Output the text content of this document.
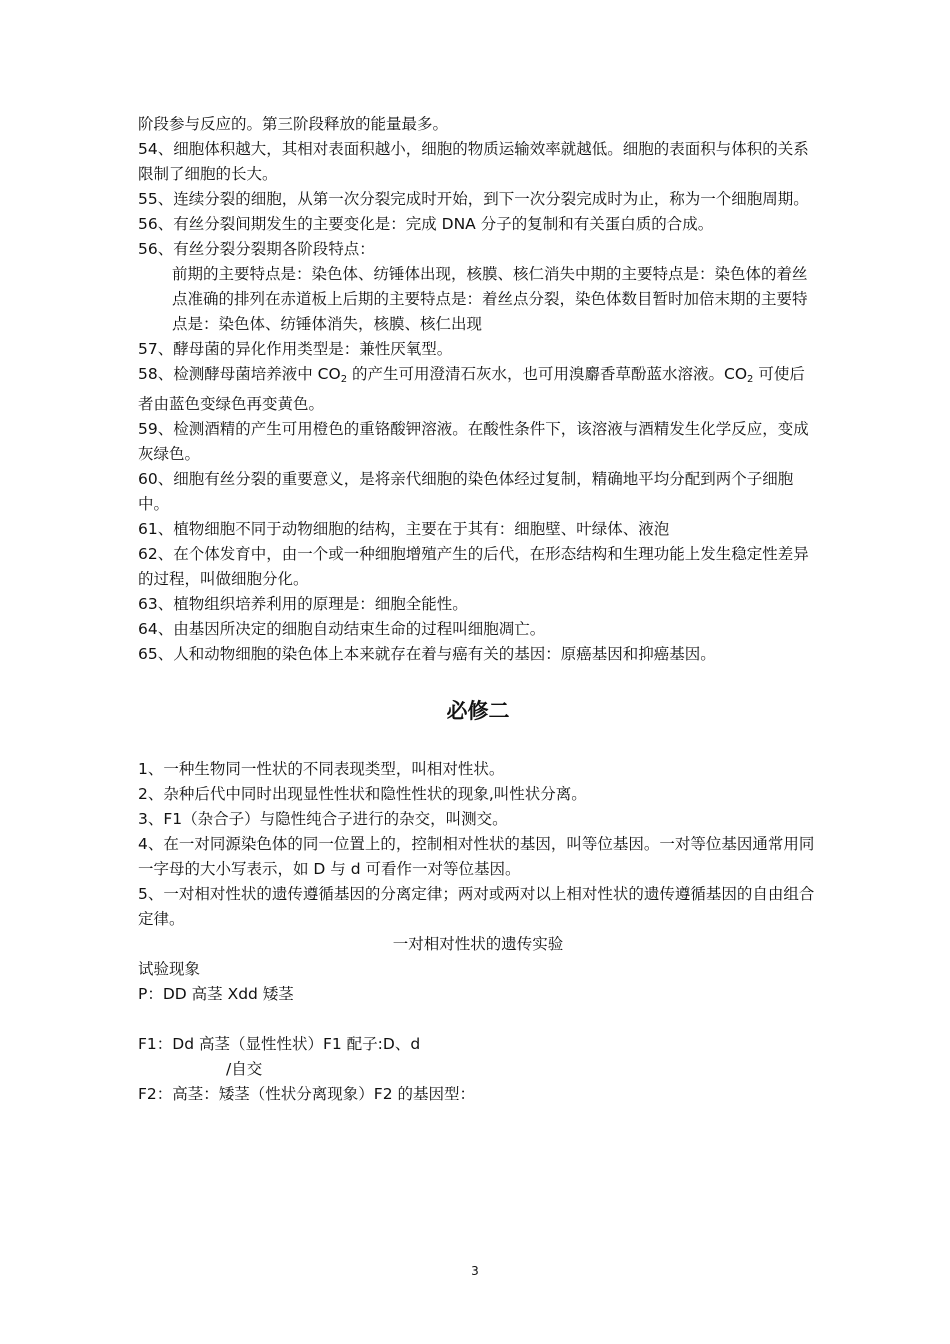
阶段参与反应的。第三阶段释放的能量最多。

54、细胞体积越大，其相对表面积越小，细胞的物质运输效率就越低。细胞的表面积与体积的关系限制了细胞的长大。

55、连续分裂的细胞，从第一次分裂完成时开始，到下一次分裂完成时为止，称为一个细胞周期。

56、有丝分裂间期发生的主要变化是：完成 DNA 分子的复制和有关蛋白质的合成。

56、有丝分裂分裂期各阶段特点：

前期的主要特点是：染色体、纺锤体出现，核膜、核仁消失中期的主要特点是：染色体的着丝点准确的排列在赤道板上后期的主要特点是：着丝点分裂，染色体数目暂时加倍末期的主要特点是：染色体、纺锤体消失，核膜、核仁出现

57、酵母菌的异化作用类型是：兼性厌氧型。

58、检测酵母菌培养液中 $CO_2$ 的产生可用澄清石灰水，也可用溴麝香草酚蓝水溶液。$CO_2$ 可使后者由蓝色变绿色再变黄色。

59、检测酒精的产生可用橙色的重铬酸钾溶液。在酸性条件下，该溶液与酒精发生化学反应，变成灰绿色。

60、细胞有丝分裂的重要意义，是将亲代细胞的染色体经过复制，精确地平均分配到两个子细胞中。

61、植物细胞不同于动物细胞的结构，主要在于其有：细胞壁、叶绿体、液泡

62、在个体发育中，由一个或一种细胞增殖产生的后代，在形态结构和生理功能上发生稳定性差异的过程，叫做细胞分化。

63、植物组织培养利用的原理是：细胞全能性。

64、由基因所决定的细胞自动结束生命的过程叫细胞凋亡。

65、人和动物细胞的染色体上本来就存在着与癌有关的基因：原癌基因和抑癌基因。

必修二

1、一种生物同一性状的不同表现类型，叫相对性状。

2、杂种后代中同时出现显性性状和隐性性状的现象,叫性状分离。

3、F1（杂合子）与隐性纯合子进行的杂交，叫测交。

4、在一对同源染色体的同一位置上的，控制相对性状的基因，叫等位基因。一对等位基因通常用同一字母的大小写表示，如 D 与 d 可看作一对等位基因。

5、一对相对性状的遗传遵循基因的分离定律；两对或两对以上相对性状的遗传遵循基因的自由组合定律。

一对相对性状的遗传实验

试验现象

P：DD 高茎 Xdd 矮茎

F1：Dd 高茎（显性性状）F1 配子:D、d

/自交

F2：高茎：矮茎（性状分离现象）F2 的基因型：

3
